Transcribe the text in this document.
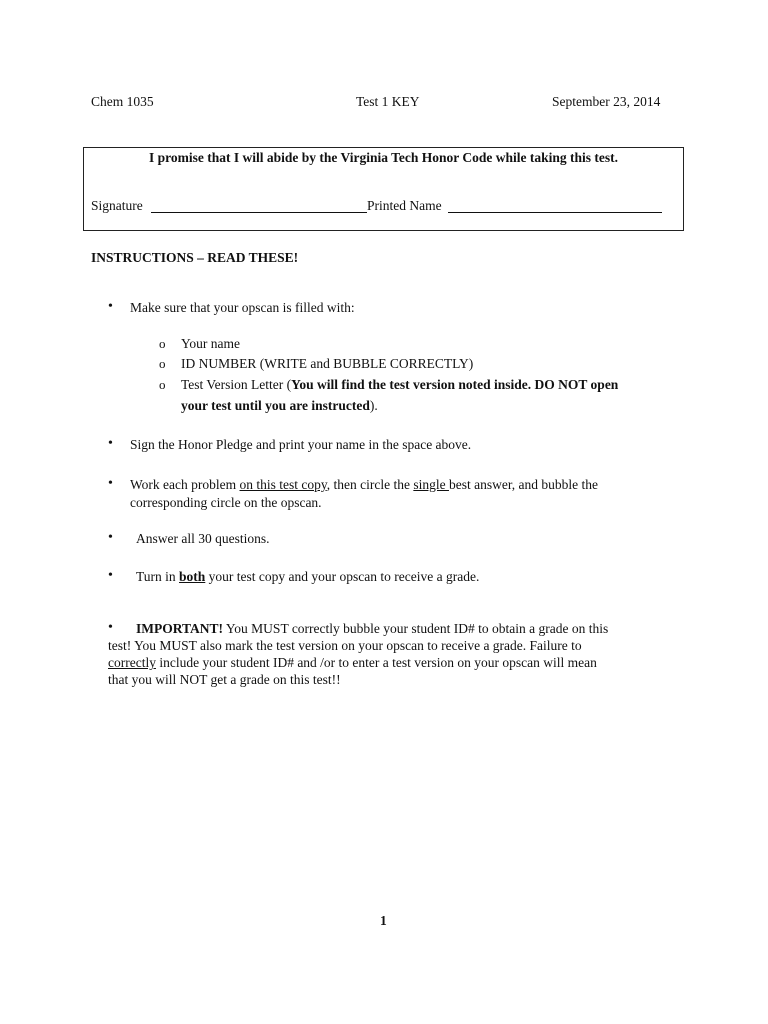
Chem 1035	Test 1 KEY	September 23, 2014
I promise that I will abide by the Virginia Tech Honor Code while taking this test.
Signature	Printed Name
INSTRUCTIONS – READ THESE!
• Make sure that your opscan is filled with:
o Your name
o ID NUMBER (WRITE and BUBBLE CORRECTLY)
o Test Version Letter (You will find the test version noted inside. DO NOT open
your test until you are instructed).
• Sign the Honor Pledge and print your name in the space above.
• Work each problem on this test copy, then circle the single best answer, and bubble the
corresponding circle on the opscan.
• Answer all 30 questions.
• Turn in both your test copy and your opscan to receive a grade.
• IMPORTANT! You MUST correctly bubble your student ID# to obtain a grade on this
test! You MUST also mark the test version on your opscan to receive a grade. Failure to
correctly include your student ID# and /or to enter a test version on your opscan will mean
that you will NOT get a grade on this test!!
1
